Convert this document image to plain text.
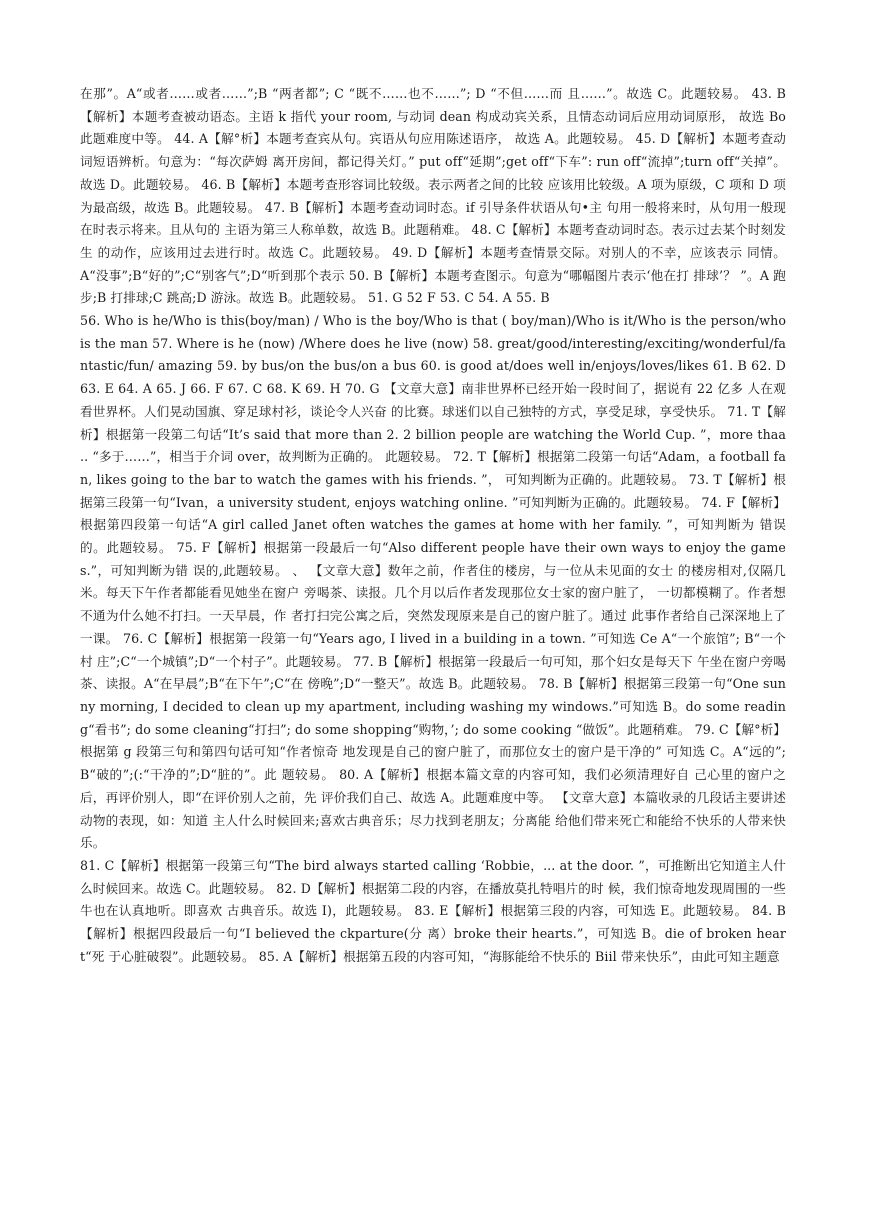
在那”。A“或者……或者……”;B “两者都”; C “既不……也不……”; D “不但……而 且……”。故选 C。此题较易。 43. B【解析】本题考查被动语态。主语 k 指代 your room, 与动词 dean 构成动宾关系，且情态动词后应用动词原形， 故选 Bo 此题难度中等。 44. A【解°析】本题考查宾从句。宾语从句应用陈述语序， 故选 A。此题较易。 45. D【解析】本题考查动词短语辨析。句意为：“每次萨姆 离开房间，都记得关灯。” put off“延期”;get off“下车”: run off“流掉”;turn off“关掉”。故选 D。此题较易。 46. B【解析】本题考查形容词比较级。表示两者之间的比较 应该用比较级。A 项为原级，C 项和 D 项为最高级，故选 B。此题较易。 47. B【解析】本题考查动词时态。if 引导条件状语从句•主 句用一般将来时，从句用一般现在时表示将来。且从句的 主语为第三人称单数，故选 B。此题稍难。 48. C【解析】本题考查动词时态。表示过去某个时刻发生 的动作，应该用过去进行时。故选 C。此题较易。 49. D【解析】本题考查情景交际。对别人的不幸，应该表示 同情。A“没事”;B“好的”;C“别客气”;D“听到那个表示 50. B【解析】本题考查图示。句意为“哪幅图片表示‘他在打 排球’？ ”。A 跑步;B 打排球;C 跳高;D 游泳。故选 B。此题较易。 51. G 52 F 53. C 54. A 55. B

56. Who is he/Who is this(boy/man) / Who is the boy/Who is that ( boy/man)/Who is it/Who is the person/who is the man 57. Where is he (now) /Where does he live (now) 58. great/good/interesting/exciting/wonderful/fantastic/fun/ amazing 59. by bus/on the bus/on a bus 60. is good at/does well in/enjoys/loves/likes 61. B 62. D 63. E 64. A 65. J 66. F 67. C 68. K 69. H 70. G 【文章大意】南非世界杯已经开始一段时间了，据说有 22 亿多 人在观看世界杯。人们晃动国旗、穿足球村衫，谈论令人兴奋 的比赛。球迷们以自己独特的方式，享受足球，享受快乐。 71. T【解析】根据第一段第二句话“It’s said that more than 2. 2 billion people are watching the World Cup. ”，more thaa .. “多于……”，相当于介词 over，故判断为正确的。 此题较易。 72. T【解析】根据第二段第一句话“Adam，a football fan, likes going to the bar to watch the games with his friends. ”， 可知判断为正确的。此题较易。 73. T【解析】根据第三段第一句“Ivan，a university student, enjoys watching online. ”可知判断为正确的。此题较易。 74. F【解析】根据第四段第一句话“A girl called Janet often watches the games at home with her family. ”，可知判断为 错误的。此题较易。 75. F【解析】根据第一段最后一句“Also different people have their own ways to enjoy the games.”，可知判断为错 误的,此题较易。 、 【文章大意】数年之前，作者住的楼房，与一位从未见面的女士 的楼房相对,仅隔几米。每天下午作者都能看见她坐在窗户 旁喝茶、读报。几个月以后作者发现那位女士家的窗户脏了， 一切都模糊了。作者想不通为什么她不打扫。一天早晨，作 者打扫完公寓之后，突然发现原来是自己的窗户脏了。通过 此事作者给自己深深地上了一课。 76. C【解析】根据第一段第一句“Years ago, I lived in a building in a town. ”可知选 Ce A“一个旅馆”; B“一个村 庄”;C“一个城镇”;D“一个村子”。此题较易。 77. B【解析】根据第一段最后一句可知，那个妇女是每天下 午坐在窗户旁喝茶、读报。A“在早晨”;B“在下午”;C“在 傍晚”;D“一整天”。故选 B。此题较易。 78. B【解析】根据第三段第一句“One sunny morning, I decided to clean up my apartment, including washing my windows.”可知选 B。do some reading“看书”; do some cleaning“打扫”; do some shopping“购物，’; do some cooking “做饭”。此题稍难。 79. C【解°析】根据第 g 段第三句和第四句话可知“作者惊奇 地发现是自己的窗户脏了，而那位女士的窗户是干净的” 可知选 C。A“远的”;B“破的”;(:“干净的”;D“脏的”。此 题较易。 80. A【解析】根据本篇文章的内容可知，我们必须清理好自 己心里的窗户之后，再评价别人，即“在评价别人之前，先 评价我们自己、故选 A。此题难度中等。 【文章大意】本篇收录的几段话主要讲述动物的表现，如：知道 主人什么时候回来;喜欢古典音乐；尽力找到老朋友；分离能 给他们带来死亡和能给不快乐的人带来快乐。

81. C【解析】根据第一段第三句“The bird always started calling ‘Robbie，... at the door. ”，可推断出它知道主人什 么时候回来。故选 C。此题较易。 82. D【解析】根据第二段的内容，在播放莫扎特唱片的时 候，我们惊奇地发现周围的一些牛也在认真地听。即喜欢 古典音乐。故选 I)，此题较易。 83. E【解析】根据第三段的内容，可知选 E。此题较易。 84. B【解析】根据四段最后一句“I believed the ckparture(分 离）broke their hearts.”，可知选 B。die of broken heart“死 于心脏破裂”。此题较易。 85. A【解析】根据第五段的内容可知，“海豚能给不快乐的 Biil 带来快乐”，由此可知主题意
